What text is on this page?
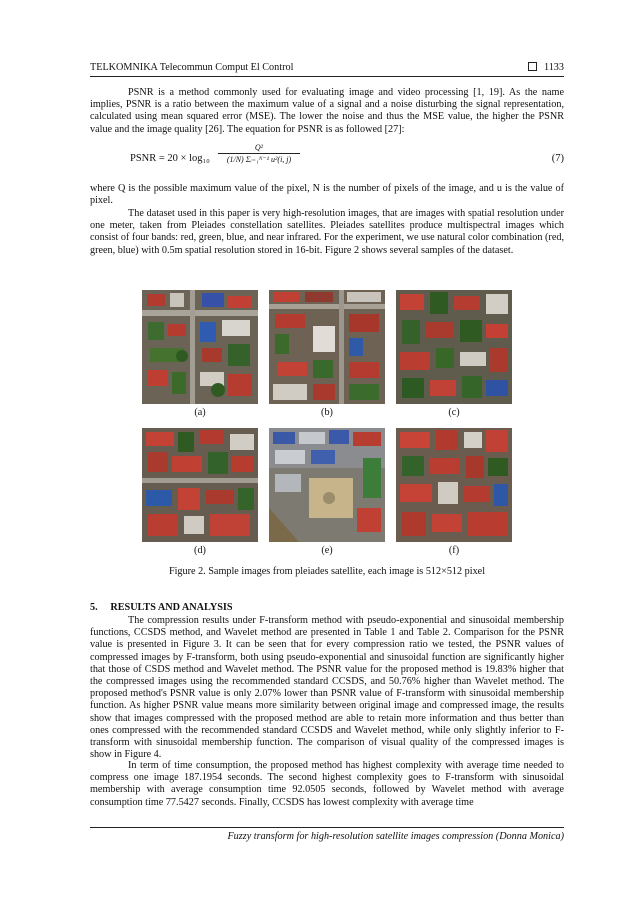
TELKOMNIKA Telecommun Comput El Control	1133

PSNR is a method commonly used for evaluating image and video processing [1, 19]. As the name implies, PSNR is a ratio between the maximum value of a signal and a noise disturbing the signal representation, calculated using mean squared error (MSE). The lower the noise and thus the MSE value, the higher the PSNR value and the image quality [26]. The equation for PSNR is as followed [27]:

PSNR = 20 × log₁₀
Q²
(1/N) Σᵢ₌₁ᴺ⁻¹ u²(i, j)	(7)

where Q is the possible maximum value of the pixel, N is the number of pixels of the image, and u is the value of pixel.

The dataset used in this paper is very high-resolution images, that are images with spatial resolution under one meter, taken from Pleiades constellation satellites. Pleiades satellites produce multispectral images which consist of four bands: red, green, blue, and near infrared. For the experiment, we use natural color combination (red, green, blue) with 0.5m spatial resolution stored in 16-bit. Figure 2 shows several samples of the dataset.

(a)	(b)	(c)
(d)	(e)	(f)
Figure 2. Sample images from pleiades satellite, each image is 512×512 pixel
5.     RESULTS AND ANALYSIS

The compression results under F-transform method with pseudo-exponential and sinusoidal membership functions, CCSDS method, and Wavelet method are presented in Table 1 and Table 2. Comparison for the PSNR value is presented in Figure 3. It can be seen that for every compression ratio we tested, the PSNR values of compressed images by F-transform, both using pseudo-exponential and sinusoidal function are significantly higher that those of CSDS method and Wavelet method. The PSNR value for the proposed method is 19.83% higher that the compressed images using the recommended standard CCSDS, and 50.76% higher than Wavelet method. The proposed method's PSNR value is only 2.07% lower than PSNR value of F-transform with sinusoidal membership function. As higher PSNR value means more similarity between original image and compressed image, the results show that images compressed with the proposed method are able to retain more information and thus better than ones compressed with the recommended standard CCSDS and Wavelet method, while only slightly inferior to F-transform with sinusoidal membership function. The comparison of visual quality of the compressed images is show in Figure 4.

In term of time consumption, the proposed method has highest complexity with average time needed to compress one image 187.1954 seconds. The second highest complexity goes to F-transform with sinusoidal membership with average consumption time 92.0505 seconds, followed by Wavelet method with average consumption time 77.5427 seconds. Finally, CCSDS has lowest complexity with average time

Fuzzy transform for high-resolution satellite images compression (Donna Monica)
